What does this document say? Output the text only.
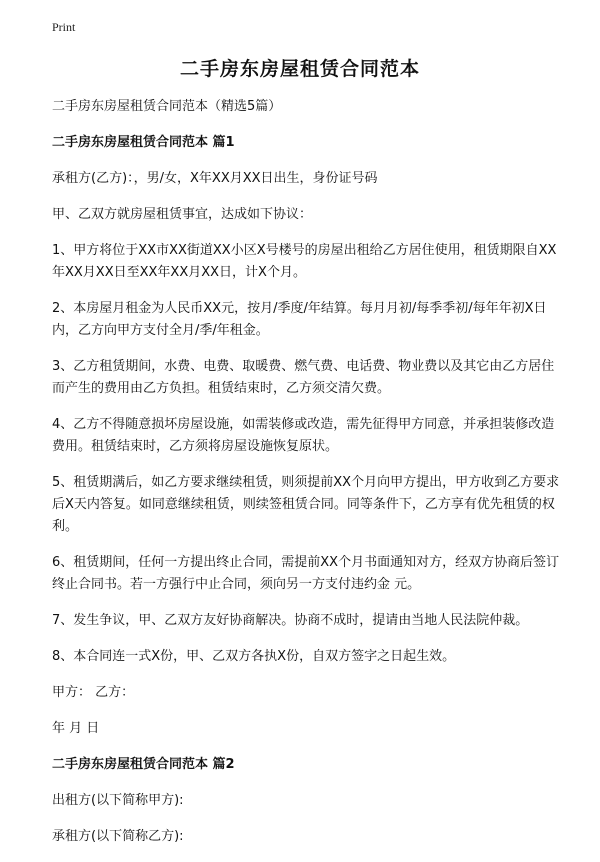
Print
二手房东房屋租赁合同范本

二手房东房屋租赁合同范本（精选5篇）

二手房东房屋租赁合同范本 篇1

承租方(乙方)：，男/女，X年XX月XX日出生，身份证号码

甲、乙双方就房屋租赁事宜，达成如下协议：

1、甲方将位于XX市XX街道XX小区X号楼号的房屋出租给乙方居住使用，租赁期限自XX年XX月XX日至XX年XX月XX日，计X个月。

2、本房屋月租金为人民币XX元，按月/季度/年结算。每月月初/每季季初/每年年初X日内，乙方向甲方支付全月/季/年租金。

3、乙方租赁期间，水费、电费、取暖费、燃气费、电话费、物业费以及其它由乙方居住而产生的费用由乙方负担。租赁结束时，乙方须交清欠费。

4、乙方不得随意损坏房屋设施，如需装修或改造，需先征得甲方同意，并承担装修改造费用。租赁结束时，乙方须将房屋设施恢复原状。

5、租赁期满后，如乙方要求继续租赁，则须提前XX个月向甲方提出，甲方收到乙方要求后X天内答复。如同意继续租赁，则续签租赁合同。同等条件下，乙方享有优先租赁的权利。

6、租赁期间，任何一方提出终止合同，需提前XX个月书面通知对方，经双方协商后签订终止合同书。若一方强行中止合同，须向另一方支付违约金 元。

7、发生争议，甲、乙双方友好协商解决。协商不成时，提请由当地人民法院仲裁。

8、本合同连一式X份，甲、乙双方各执X份，自双方签字之日起生效。

甲方： 乙方：

年 月 日

二手房东房屋租赁合同范本 篇2

出租方(以下简称甲方):

承租方(以下简称乙方):
